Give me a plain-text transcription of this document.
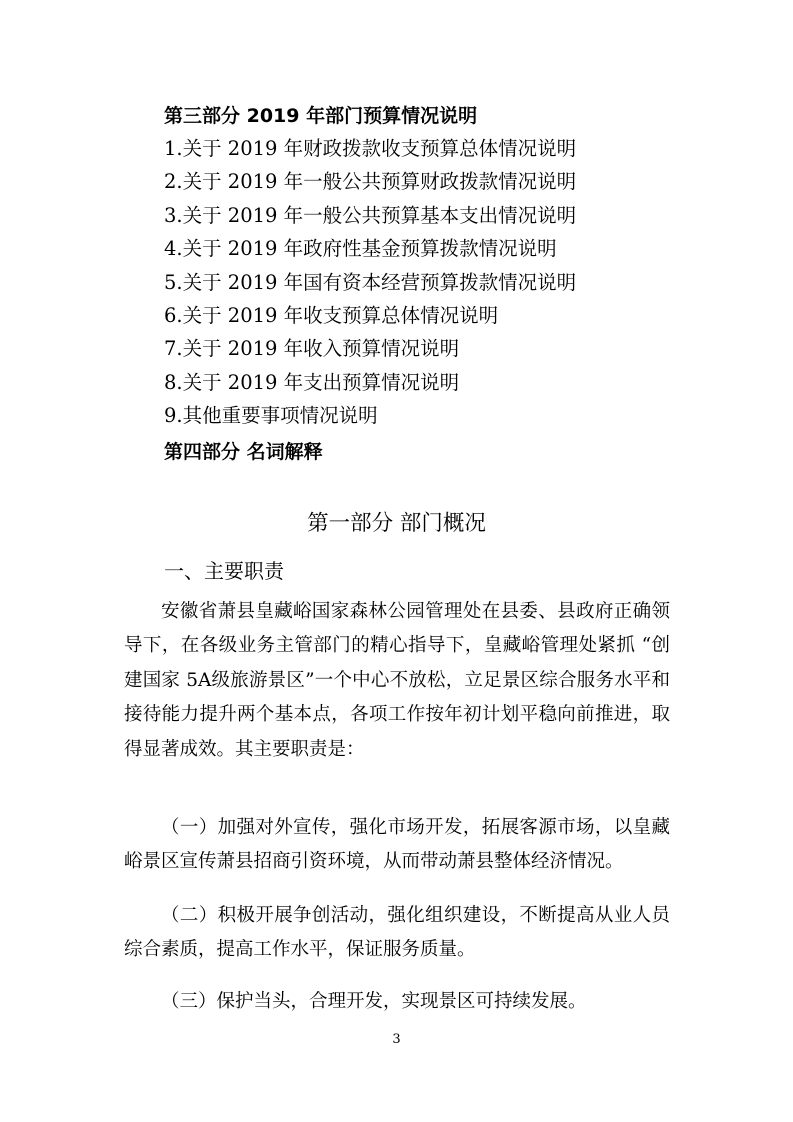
第三部分 2019 年部门预算情况说明
1.关于 2019 年财政拨款收支预算总体情况说明
2.关于 2019 年一般公共预算财政拨款情况说明
3.关于 2019 年一般公共预算基本支出情况说明
4.关于 2019 年政府性基金预算拨款情况说明
5.关于 2019 年国有资本经营预算拨款情况说明
6.关于 2019 年收支预算总体情况说明
7.关于 2019 年收入预算情况说明
8.关于 2019 年支出预算情况说明
9.其他重要事项情况说明
第四部分 名词解释
第一部分 部门概况
一、主要职责

安徽省萧县皇藏峪国家森林公园管理处在县委、县政府正确领导下，在各级业务主管部门的精心指导下，皇藏峪管理处紧抓 “创建国家 5A级旅游景区”一个中心不放松，立足景区综合服务水平和接待能力提升两个基本点，各项工作按年初计划平稳向前推进，取得显著成效。其主要职责是：

（一）加强对外宣传，强化市场开发，拓展客源市场，以皇藏峪景区宣传萧县招商引资环境，从而带动萧县整体经济情况。

（二）积极开展争创活动，强化组织建设，不断提高从业人员综合素质，提高工作水平，保证服务质量。

（三）保护当头，合理开发，实现景区可持续发展。

3
